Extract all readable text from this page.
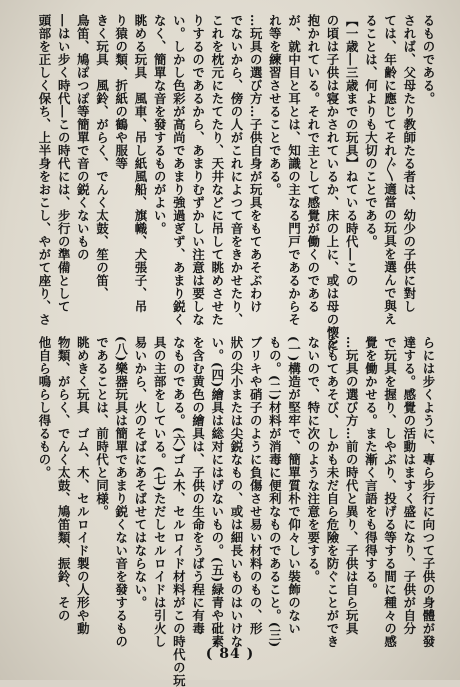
るものである。
されば、父母たり教師たる者は、幼少の子供に對し
ては、年齢に應じてそれ〴〵適當の玩具を選んで與え
ることは、何よりも大切のことである。
【一歳―三歳までの玩具】ねている時代―この
の頃は子供は寝かされているか、床の上に、或は母の懐に
抱かれている。それで主として感覺が働くのである
が、就中目と耳とは、知識の主なる門戸であるからそ
れ等を練習させることである。
…玩具の選び方…子供自身が玩具をもてあそぶわけ
でないから、傍の人がこれによつて音をきかせたり、
これを枕元にたてたり、天井などに吊して眺めさせた
りするのであるから、あまりむずかしい注意は要しな
い。しかし色彩が高尚であまり強過ぎず、あまり鋭く
なく、簡單な音を發するものがよい。
眺める玩具　風車、吊し紙風船、旗幟、犬張子、吊
り猿の類、折紙の鶴や服等
きく玩具　風鈴、がらく、でんく太鼓、笙の笛、
鳥笛、鳩ぽつぽ等簡單で音の鋭くないもの
―はい步く時代―この時代には、步行の準備として
頭部を正しく保ち、上半身をおこし、やがて座り、さ
らには步くように、專ら步行に向つて子供の身體が發
達する。感覺の活動はますく盛になり、子供が自分
で玩具を握り、しやぶり、投げる等する間に種々の感
覺を働かせる。また漸く言語をも得得する。
…玩具の選び方…前の時代と異り、子供は自ら玩具
をもてあそび、しかも未だ自ら危險を防ぐことができ
ないので、特に次のような注意を要する。
(一)構造が堅牢で、簡單質朴で仰々しい裝飾のない
もの。(二)材料が消毒に便利なものであること。(三)
ブリキや硝子のように負傷させ易い材料のもの、形
狀の尖小または尖鋭なもの、或は細長いものはいけな
い。(四)繪具は総对にはげないもの。(五)緑青や砒素
を含む黄色の繪具は、子供の生命をうばう程に有毒
なものである。(六)ゴム木、セルロイド材料がこの時代の玩
具の主部をしている。(七)ただしセルロイドは引火し
易いから、火のそばにあそばせてはならない。
(八)樂器玩具は簡單であまり鋭くない音を發するもの
であることは、前時代と同様。
眺めきく玩具　ゴム、木、セルロイド製の人形や動
物類、がらく、でんく太鼓、鳩笛類、振鈴、その
他自ら鳴らし得るもの。
( 84 )
